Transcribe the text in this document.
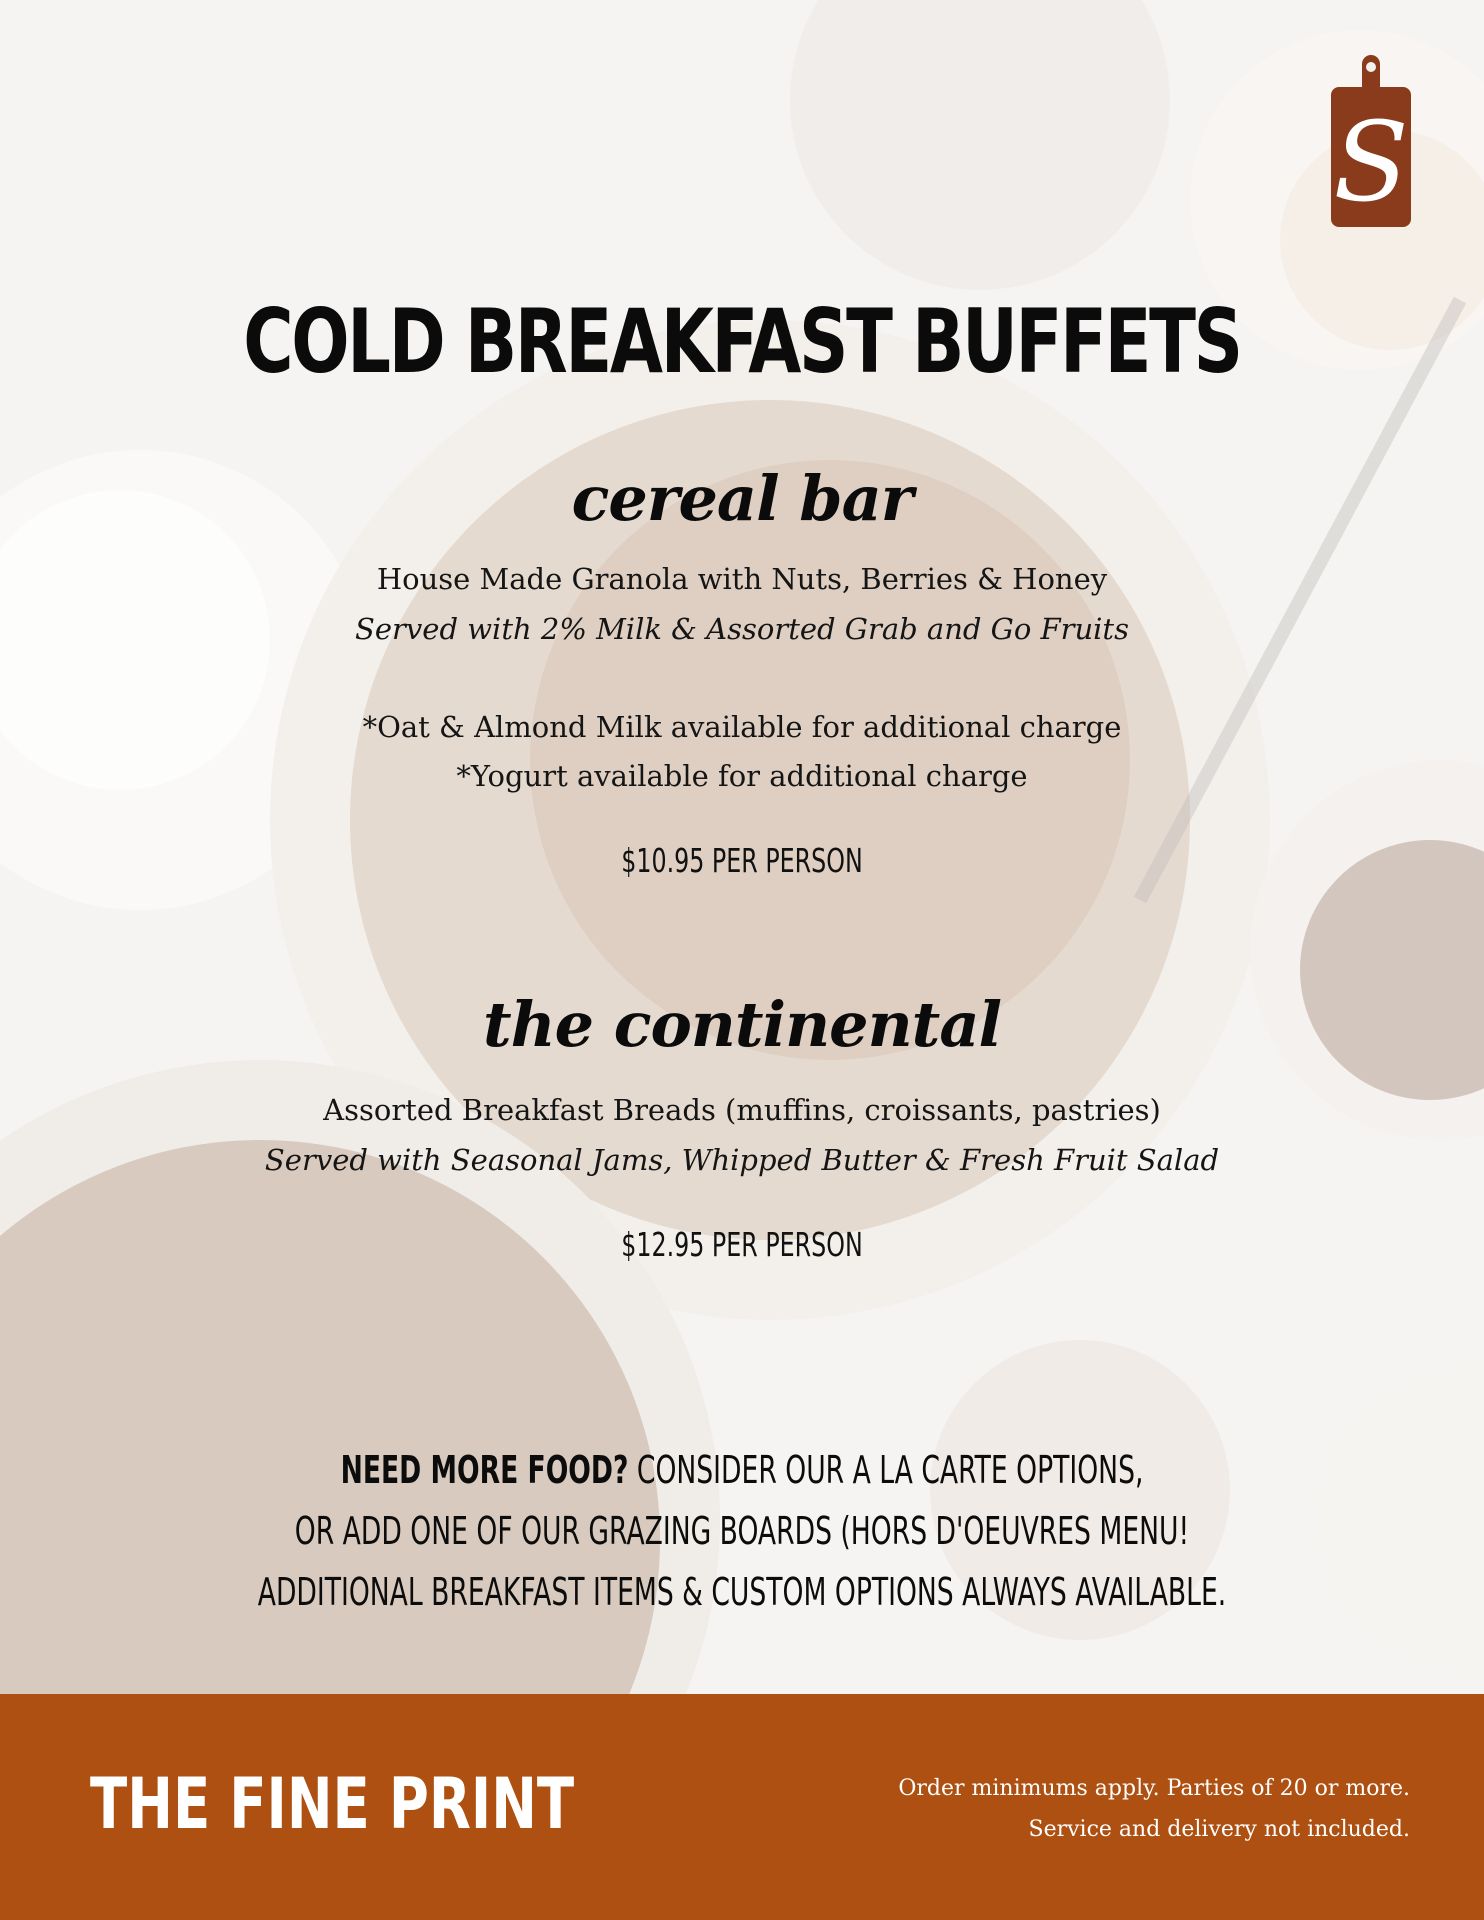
S
COLD BREAKFAST BUFFETS
cereal bar
House Made Granola with Nuts, Berries & Honey
Served with 2% Milk & Assorted Grab and Go Fruits
*Oat & Almond Milk available for additional charge
*Yogurt available for additional charge
$10.95 PER PERSON
the continental
Assorted Breakfast Breads (muffins, croissants, pastries)
Served with Seasonal Jams, Whipped Butter & Fresh Fruit Salad
$12.95 PER PERSON
NEED MORE FOOD? CONSIDER OUR A LA CARTE OPTIONS,
OR ADD ONE OF OUR GRAZING BOARDS (HORS D'OEUVRES MENU!
ADDITIONAL BREAKFAST ITEMS & CUSTOM OPTIONS ALWAYS AVAILABLE.
THE FINE PRINT	Order minimums apply. Parties of 20 or more.
Service and delivery not included.
